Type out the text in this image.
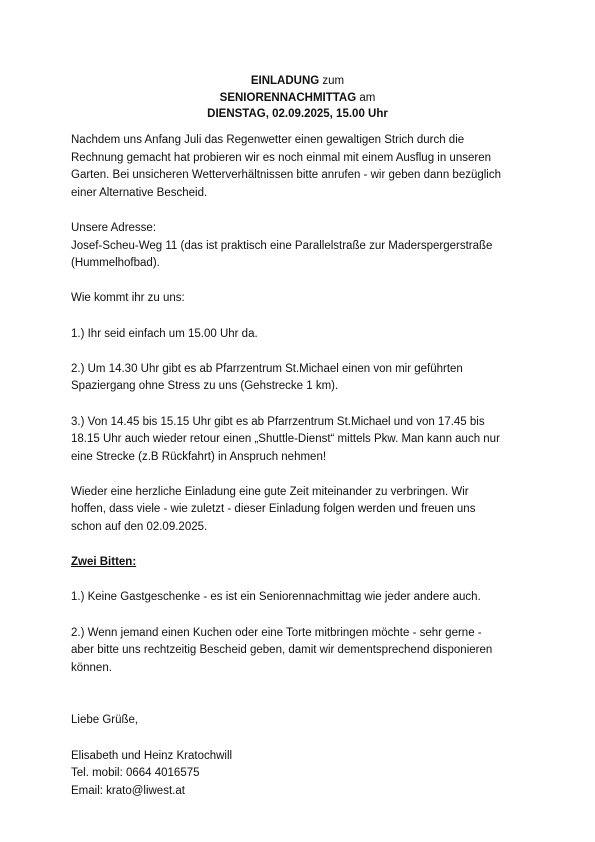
EINLADUNG zum
SENIORENNACHMITTAG am
DIENSTAG, 02.09.2025, 15.00 Uhr

Nachdem uns Anfang Juli das Regenwetter einen gewaltigen Strich durch die
Rechnung gemacht hat probieren wir es noch einmal mit einem Ausflug in unseren
Garten. Bei unsicheren Wetterverhältnissen bitte anrufen - wir geben dann bezüglich
einer Alternative Bescheid.

Unsere Adresse:
Josef-Scheu-Weg 11 (das ist praktisch eine Parallelstraße zur Maderspergerstraße
(Hummelhofbad).

Wie kommt ihr zu uns:

1.) Ihr seid einfach um 15.00 Uhr da.

2.) Um 14.30 Uhr gibt es ab Pfarrzentrum St.Michael einen von mir geführten
Spaziergang ohne Stress zu uns (Gehstrecke 1 km).

3.) Von 14.45 bis 15.15 Uhr gibt es ab Pfarrzentrum St.Michael und von 17.45 bis
18.15 Uhr auch wieder retour einen „Shuttle-Dienst“ mittels Pkw. Man kann auch nur
eine Strecke (z.B Rückfahrt) in Anspruch nehmen!

Wieder eine herzliche Einladung eine gute Zeit miteinander zu verbringen. Wir
hoffen, dass viele - wie zuletzt - dieser Einladung folgen werden und freuen uns
schon auf den 02.09.2025.

Zwei Bitten:

1.) Keine Gastgeschenke - es ist ein Seniorennachmittag wie jeder andere auch.

2.) Wenn jemand einen Kuchen oder eine Torte mitbringen möchte - sehr gerne -
aber bitte uns rechtzeitig Bescheid geben, damit wir dementsprechend disponieren
können.

Liebe Grüße,

Elisabeth und Heinz Kratochwill
Tel. mobil: 0664 4016575
Email: krato@liwest.at
